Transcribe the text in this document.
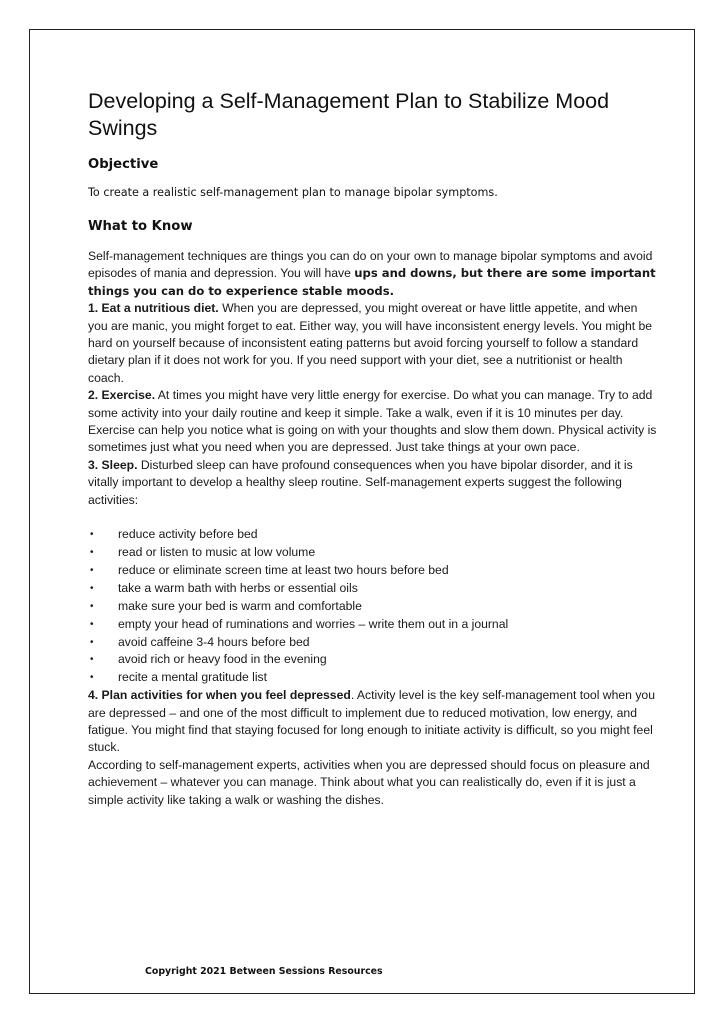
Developing a Self-Management Plan to Stabilize Mood Swings
Objective

To create a realistic self-management plan to manage bipolar symptoms.

What to Know

Self-management techniques are things you can do on your own to manage bipolar symptoms and avoid episodes of mania and depression. You will have ups and downs, but there are some important things you can do to experience stable moods.

1. Eat a nutritious diet. When you are depressed, you might overeat or have little appetite, and when you are manic, you might forget to eat. Either way, you will have inconsistent energy levels. You might be hard on yourself because of inconsistent eating patterns but avoid forcing yourself to follow a standard dietary plan if it does not work for you. If you need support with your diet, see a nutritionist or health coach.

2. Exercise. At times you might have very little energy for exercise. Do what you can manage. Try to add some activity into your daily routine and keep it simple. Take a walk, even if it is 10 minutes per day. Exercise can help you notice what is going on with your thoughts and slow them down. Physical activity is sometimes just what you need when you are depressed. Just take things at your own pace.

3. Sleep. Disturbed sleep can have profound consequences when you have bipolar disorder, and it is vitally important to develop a healthy sleep routine. Self-management experts suggest the following activities:

• reduce activity before bed
• read or listen to music at low volume
• reduce or eliminate screen time at least two hours before bed
• take a warm bath with herbs or essential oils
• make sure your bed is warm and comfortable
• empty your head of ruminations and worries – write them out in a journal
• avoid caffeine 3-4 hours before bed
• avoid rich or heavy food in the evening
• recite a mental gratitude list

4. Plan activities for when you feel depressed. Activity level is the key self-management tool when you are depressed – and one of the most difficult to implement due to reduced motivation, low energy, and fatigue. You might find that staying focused for long enough to initiate activity is difficult, so you might feel stuck.

According to self-management experts, activities when you are depressed should focus on pleasure and achievement – whatever you can manage. Think about what you can realistically do, even if it is just a simple activity like taking a walk or washing the dishes.

Copyright 2021 Between Sessions Resources
